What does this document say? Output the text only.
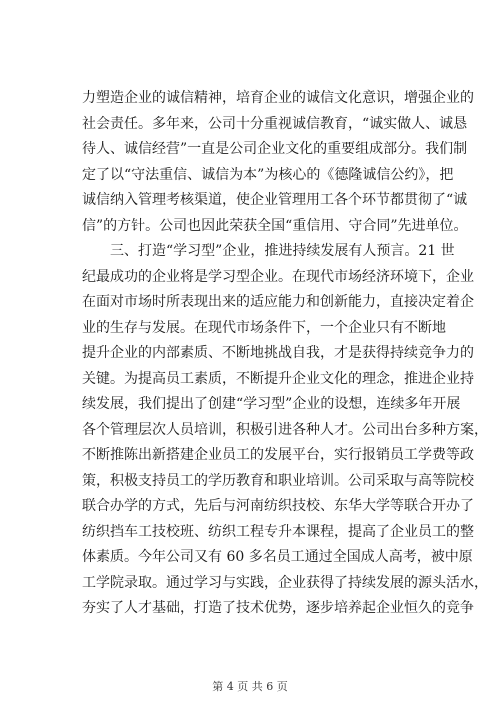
力塑造企业的诚信精神，培育企业的诚信文化意识，增强企业的
社会责任。多年来，公司十分重视诚信教育，“诚实做人、诚恳
待人、诚信经营”一直是公司企业文化的重要组成部分。我们制
定了以“守法重信、诚信为本”为核心的《德隆诚信公约》，把
诚信纳入管理考核渠道，使企业管理用工各个环节都贯彻了“诚
信”的方针。公司也因此荣获全国“重信用、守合同”先进单位。
三、打造“学习型”企业，推进持续发展有人预言。21 世
纪最成功的企业将是学习型企业。在现代市场经济环境下，企业
在面对市场时所表现出来的适应能力和创新能力，直接决定着企
业的生存与发展。在现代市场条件下，一个企业只有不断地
提升企业的内部素质、不断地挑战自我，才是获得持续竞争力的
关键。为提高员工素质，不断提升企业文化的理念，推进企业持
续发展，我们提出了创建“学习型”企业的设想，连续多年开展
各个管理层次人员培训，积极引进各种人才。公司出台多种方案，
不断推陈出新搭建企业员工的发展平台，实行报销员工学费等政
策，积极支持员工的学历教育和职业培训。公司采取与高等院校
联合办学的方式，先后与河南纺织技校、东华大学等联合开办了
纺织挡车工技校班、纺织工程专升本课程，提高了企业员工的整
体素质。今年公司又有 60 多名员工通过全国成人高考，被中原
工学院录取。通过学习与实践，企业获得了持续发展的源头活水，
夯实了人才基础，打造了技术优势，逐步培养起企业恒久的竞争
第 4 页 共 6 页
